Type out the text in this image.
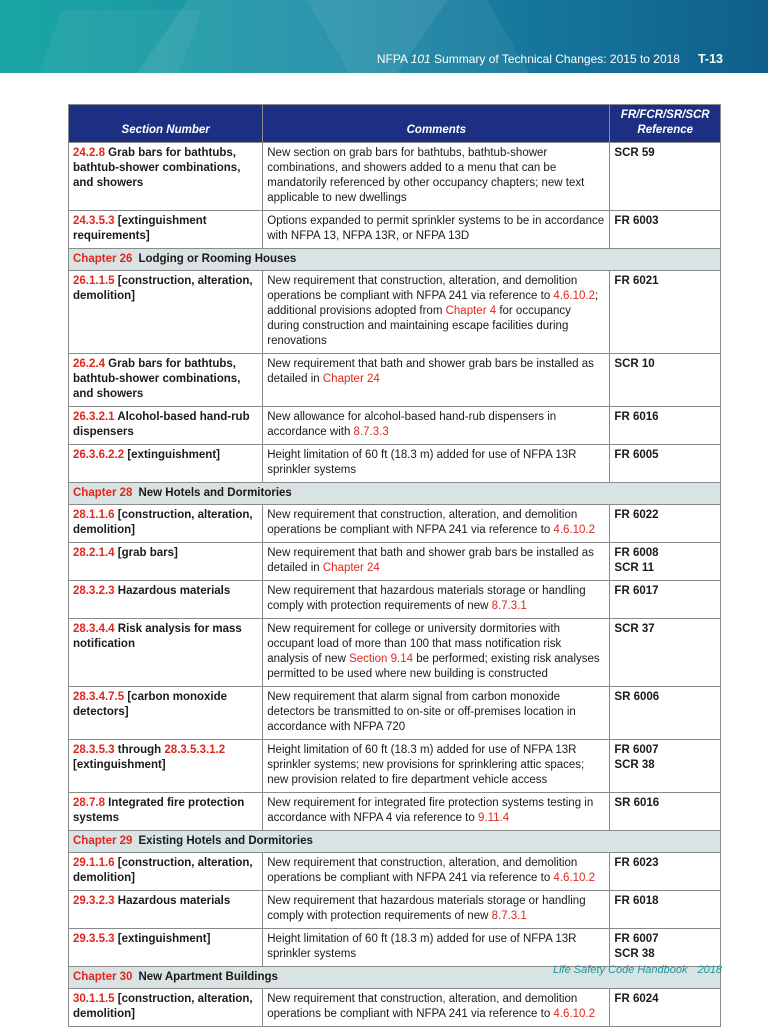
NFPA 101 Summary of Technical Changes: 2015 to 2018 T-13
Section Number	Comments	FR/FCR/SR/SCR
Reference
24.2.8 Grab bars for bathtubs, bathtub-shower combinations, and showers	New section on grab bars for bathtubs, bathtub-shower combinations, and showers added to a menu that can be mandatorily referenced by other occupancy chapters; new text applicable to new dwellings	SCR 59

24.3.5.3 [extinguishment requirements]	Options expanded to permit sprinkler systems to be in accordance with NFPA 13, NFPA 13R, or NFPA 13D	FR 6003

Chapter 26 Lodging or Rooming Houses		
26.1.1.5 [construction, alteration, demolition]	New requirement that construction, alteration, and demolition operations be compliant with NFPA 241 via reference to 4.6.10.2; additional provisions adopted from Chapter 4 for occupancy during construction and maintaining escape facilities during renovations	FR 6021

26.2.4 Grab bars for bathtubs, bathtub-shower combinations, and showers	New requirement that bath and shower grab bars be installed as detailed in Chapter 24	SCR 10

26.3.2.1 Alcohol-based hand-rub dispensers	New allowance for alcohol-based hand-rub dispensers in accordance with 8.7.3.3	FR 6016

26.3.6.2.2 [extinguishment]	Height limitation of 60 ft (18.3 m) added for use of NFPA 13R sprinkler systems	FR 6005

Chapter 28 New Hotels and Dormitories		
28.1.1.6 [construction, alteration, demolition]	New requirement that construction, alteration, and demolition operations be compliant with NFPA 241 via reference to 4.6.10.2	FR 6022

28.2.1.4 [grab bars]	New requirement that bath and shower grab bars be installed as detailed in Chapter 24	FR 6008
SCR 11

28.3.2.3 Hazardous materials	New requirement that hazardous materials storage or handling comply with protection requirements of new 8.7.3.1	FR 6017

28.3.4.4 Risk analysis for mass notification	New requirement for college or university dormitories with occupant load of more than 100 that mass notification risk analysis of new Section 9.14 be performed; existing risk analyses permitted to be used where new building is constructed	SCR 37

28.3.4.7.5 [carbon monoxide detectors]	New requirement that alarm signal from carbon monoxide detectors be transmitted to on-site or off-premises location in accordance with NFPA 720	SR 6006

28.3.5.3 through 28.3.5.3.1.2 [extinguishment]	Height limitation of 60 ft (18.3 m) added for use of NFPA 13R sprinkler systems; new provisions for sprinklering attic spaces; new provision related to fire department vehicle access	FR 6007
SCR 38

28.7.8 Integrated fire protection systems	New requirement for integrated fire protection systems testing in accordance with NFPA 4 via reference to 9.11.4	SR 6016

Chapter 29 Existing Hotels and Dormitories		
29.1.1.6 [construction, alteration, demolition]	New requirement that construction, alteration, and demolition operations be compliant with NFPA 241 via reference to 4.6.10.2	FR 6023

29.3.2.3 Hazardous materials	New requirement that hazardous materials storage or handling comply with protection requirements of new 8.7.3.1	FR 6018

29.3.5.3 [extinguishment]	Height limitation of 60 ft (18.3 m) added for use of NFPA 13R sprinkler systems	FR 6007
SCR 38

Chapter 30 New Apartment Buildings		
30.1.1.5 [construction, alteration, demolition]	New requirement that construction, alteration, and demolition operations be compliant with NFPA 241 via reference to 4.6.10.2	FR 6024
Life Safety Code Handbook 2018
